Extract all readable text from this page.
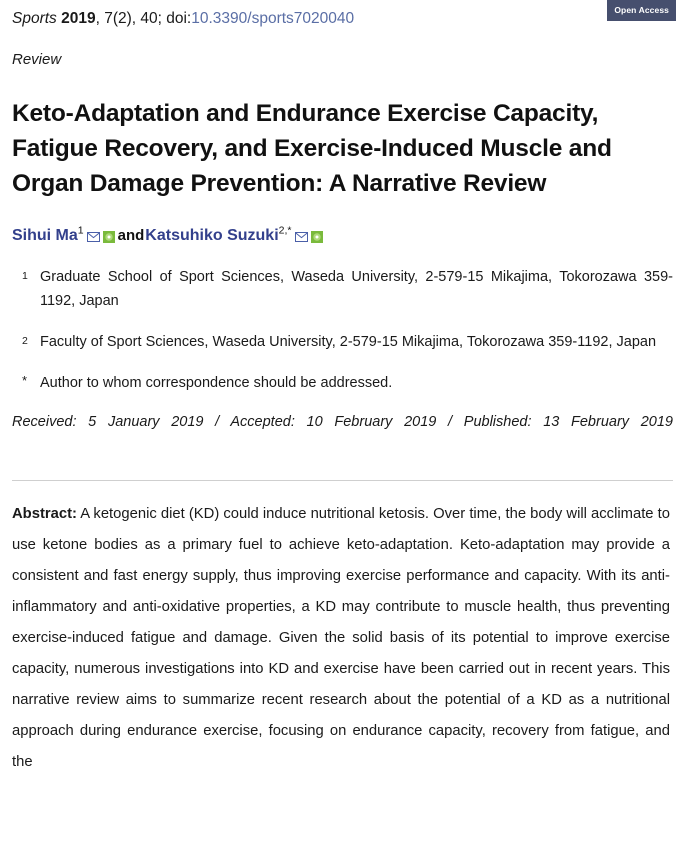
Sports 2019, 7(2), 40; doi:10.3390/sports7020040	Open Access
Review
Keto-Adaptation and Endurance Exercise Capacity, Fatigue Recovery, and Exercise-Induced Muscle and Organ Damage Prevention: A Narrative Review
Sihui Ma$^1$ andKatsuhiko Suzuki$^{2,*}$
1 Graduate School of Sport Sciences, Waseda University, 2-579-15 Mikajima, Tokorozawa 359-1192, Japan
2 Faculty of Sport Sciences, Waseda University, 2-579-15 Mikajima, Tokorozawa 359-1192, Japan
* Author to whom correspondence should be addressed.
Received: 5 January 2019 / Accepted: 10 February 2019 / Published: 13 February 2019
Abstract: A ketogenic diet (KD) could induce nutritional ketosis. Over time, the body will acclimate to use ketone bodies as a primary fuel to achieve keto-adaptation. Keto-adaptation may provide a consistent and fast energy supply, thus improving exercise performance and capacity. With its anti-inflammatory and anti-oxidative properties, a KD may contribute to muscle health, thus preventing exercise-induced fatigue and damage. Given the solid basis of its potential to improve exercise capacity, numerous investigations into KD and exercise have been carried out in recent years. This narrative review aims to summarize recent research about the potential of a KD as a nutritional approach during endurance exercise, focusing on endurance capacity, recovery from fatigue, and the
